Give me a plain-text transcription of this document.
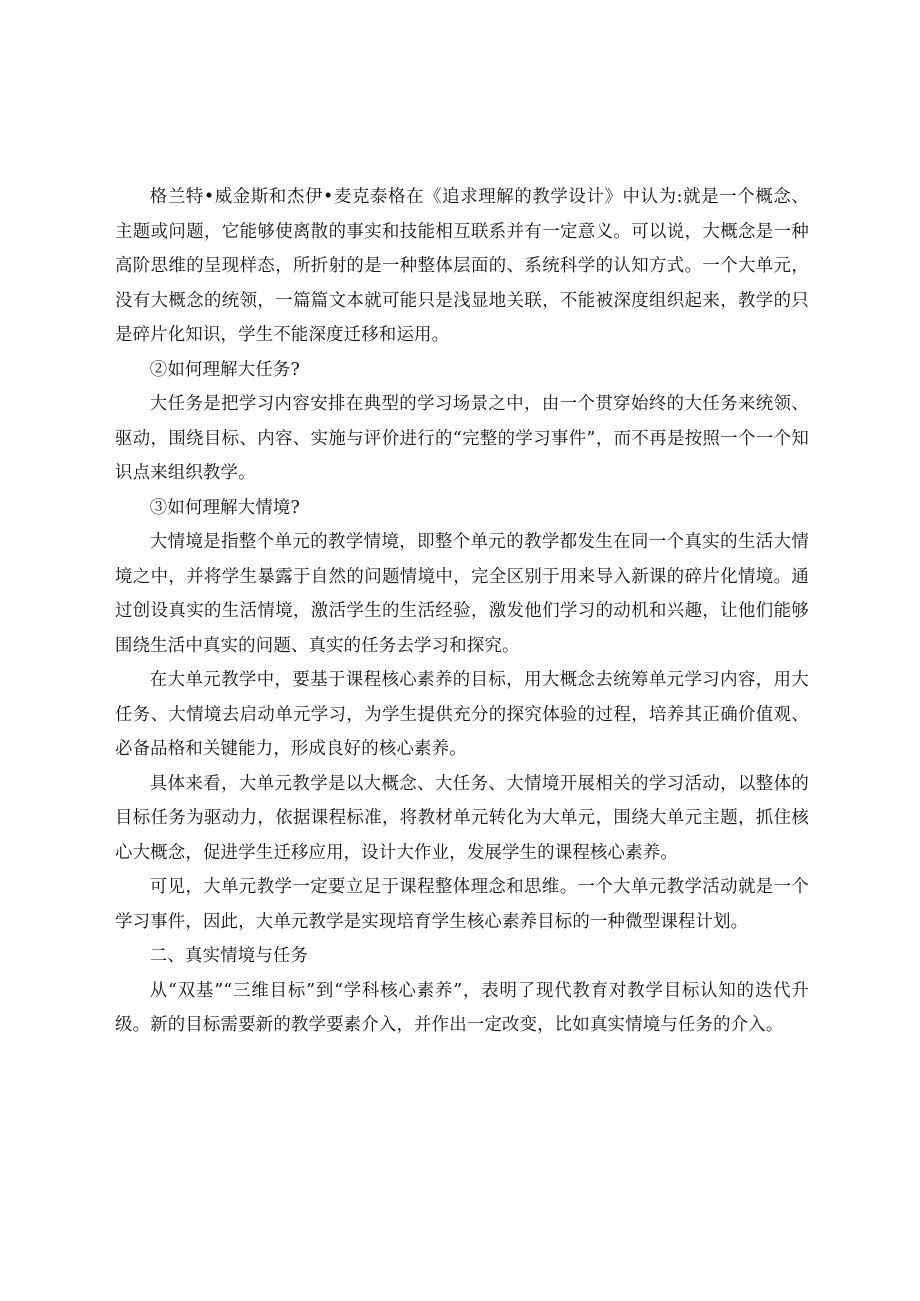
格兰特•威金斯和杰伊•麦克泰格在《追求理解的教学设计》中认为:就是一个概念、主题或问题，它能够使离散的事实和技能相互联系并有一定意义。可以说，大概念是一种高阶思维的呈现样态，所折射的是一种整体层面的、系统科学的认知方式。一个大单元，没有大概念的统领，一篇篇文本就可能只是浅显地关联，不能被深度组织起来，教学的只是碎片化知识，学生不能深度迁移和运用。

②如何理解大任务?

大任务是把学习内容安排在典型的学习场景之中，由一个贯穿始终的大任务来统领、驱动，围绕目标、内容、实施与评价进行的“完整的学习事件”，而不再是按照一个一个知识点来组织教学。

③如何理解大情境?

大情境是指整个单元的教学情境，即整个单元的教学都发生在同一个真实的生活大情境之中，并将学生暴露于自然的问题情境中，完全区别于用来导入新课的碎片化情境。通过创设真实的生活情境，激活学生的生活经验，激发他们学习的动机和兴趣，让他们能够围绕生活中真实的问题、真实的任务去学习和探究。

在大单元教学中，要基于课程核心素养的目标，用大概念去统筹单元学习内容，用大任务、大情境去启动单元学习，为学生提供充分的探究体验的过程，培养其正确价值观、必备品格和关键能力，形成良好的核心素养。

具体来看，大单元教学是以大概念、大任务、大情境开展相关的学习活动，以整体的目标任务为驱动力，依据课程标准，将教材单元转化为大单元，围绕大单元主题，抓住核心大概念，促进学生迁移应用，设计大作业，发展学生的课程核心素养。

可见，大单元教学一定要立足于课程整体理念和思维。一个大单元教学活动就是一个学习事件，因此，大单元教学是实现培育学生核心素养目标的一种微型课程计划。

二、真实情境与任务

从“双基”“三维目标”到“学科核心素养”，表明了现代教育对教学目标认知的迭代升级。新的目标需要新的教学要素介入，并作出一定改变，比如真实情境与任务的介入。
